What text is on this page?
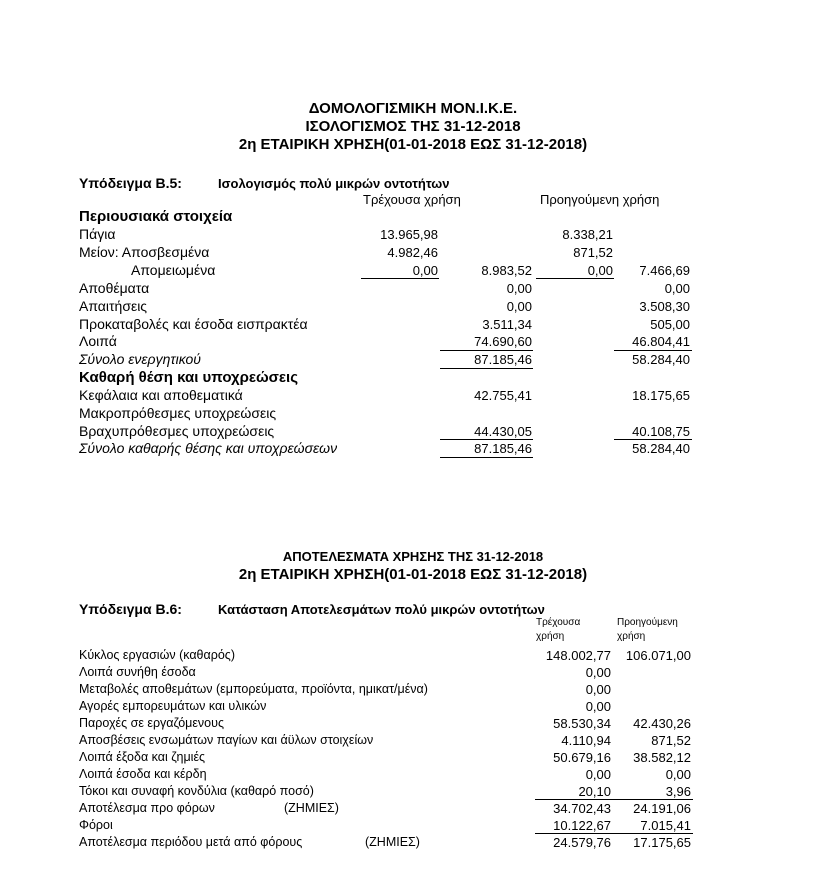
ΔΟΜΟΛΟΓΙΣΜΙΚΗ ΜΟΝ.Ι.Κ.Ε.
ΙΣΟΛΟΓΙΣΜΟΣ ΤΗΣ 31-12-2018
2η ΕΤΑΙΡΙΚΗ ΧΡΗΣΗ(01-01-2018 ΕΩΣ 31-12-2018)
Υπόδειγμα Β.5:	Ισολογισμός πολύ μικρών οντοτήτων
Τρέχουσα χρήση	Προηγούμενη χρήση
Περιουσιακά στοιχεία
Πάγια	13.965,98	8.338,21
Μείον: Αποσβεσμένα	4.982,46	871,52
Απομειωμένα	0,00	8.983,52	0,00	7.466,69
Αποθέματα	0,00	0,00
Απαιτήσεις	0,00	3.508,30
Προκαταβολές και έσοδα εισπρακτέα	3.511,34	505,00
Λοιπά	74.690,60	46.804,41
Σύνολο ενεργητικού	87.185,46	58.284,40
Καθαρή θέση και υποχρεώσεις
Κεφάλαια και αποθεματικά	42.755,41	18.175,65
Μακροπρόθεσμες υποχρεώσεις
Βραχυπρόθεσμες υποχρεώσεις	44.430,05	40.108,75
Σύνολο καθαρής θέσης και υποχρεώσεων	87.185,46	58.284,40
ΑΠΟΤΕΛΕΣΜΑΤΑ ΧΡΗΣΗΣ ΤΗΣ 31-12-2018
2η ΕΤΑΙΡΙΚΗ ΧΡΗΣΗ(01-01-2018 ΕΩΣ 31-12-2018)
Υπόδειγμα Β.6:	Κατάσταση Αποτελεσμάτων πολύ μικρών οντοτήτων
Τρέχουσα
χρήση
Προηγούμενη
χρήση
Κύκλος εργασιών (καθαρός)	148.002,77	106.071,00
Λοιπά συνήθη έσοδα	0,00
Μεταβολές αποθεμάτων (εμπορεύματα, προϊόντα, ημικατ/μένα)	0,00
Αγορές εμπορευμάτων και υλικών	0,00
Παροχές σε εργαζόμενους	58.530,34	42.430,26
Αποσβέσεις ενσωμάτων παγίων και άϋλων στοιχείων	4.110,94	871,52
Λοιπά έξοδα και ζημιές	50.679,16	38.582,12
Λοιπά έσοδα και κέρδη	0,00	0,00
Τόκοι και συναφή κονδύλια (καθαρό ποσό)	20,10	3,96
Αποτέλεσμα προ φόρων	(ΖΗΜΙΕΣ)	34.702,43	24.191,06
Φόροι	10.122,67	7.015,41
Αποτέλεσμα περιόδου μετά από φόρους	(ΖΗΜΙΕΣ)	24.579,76	17.175,65
